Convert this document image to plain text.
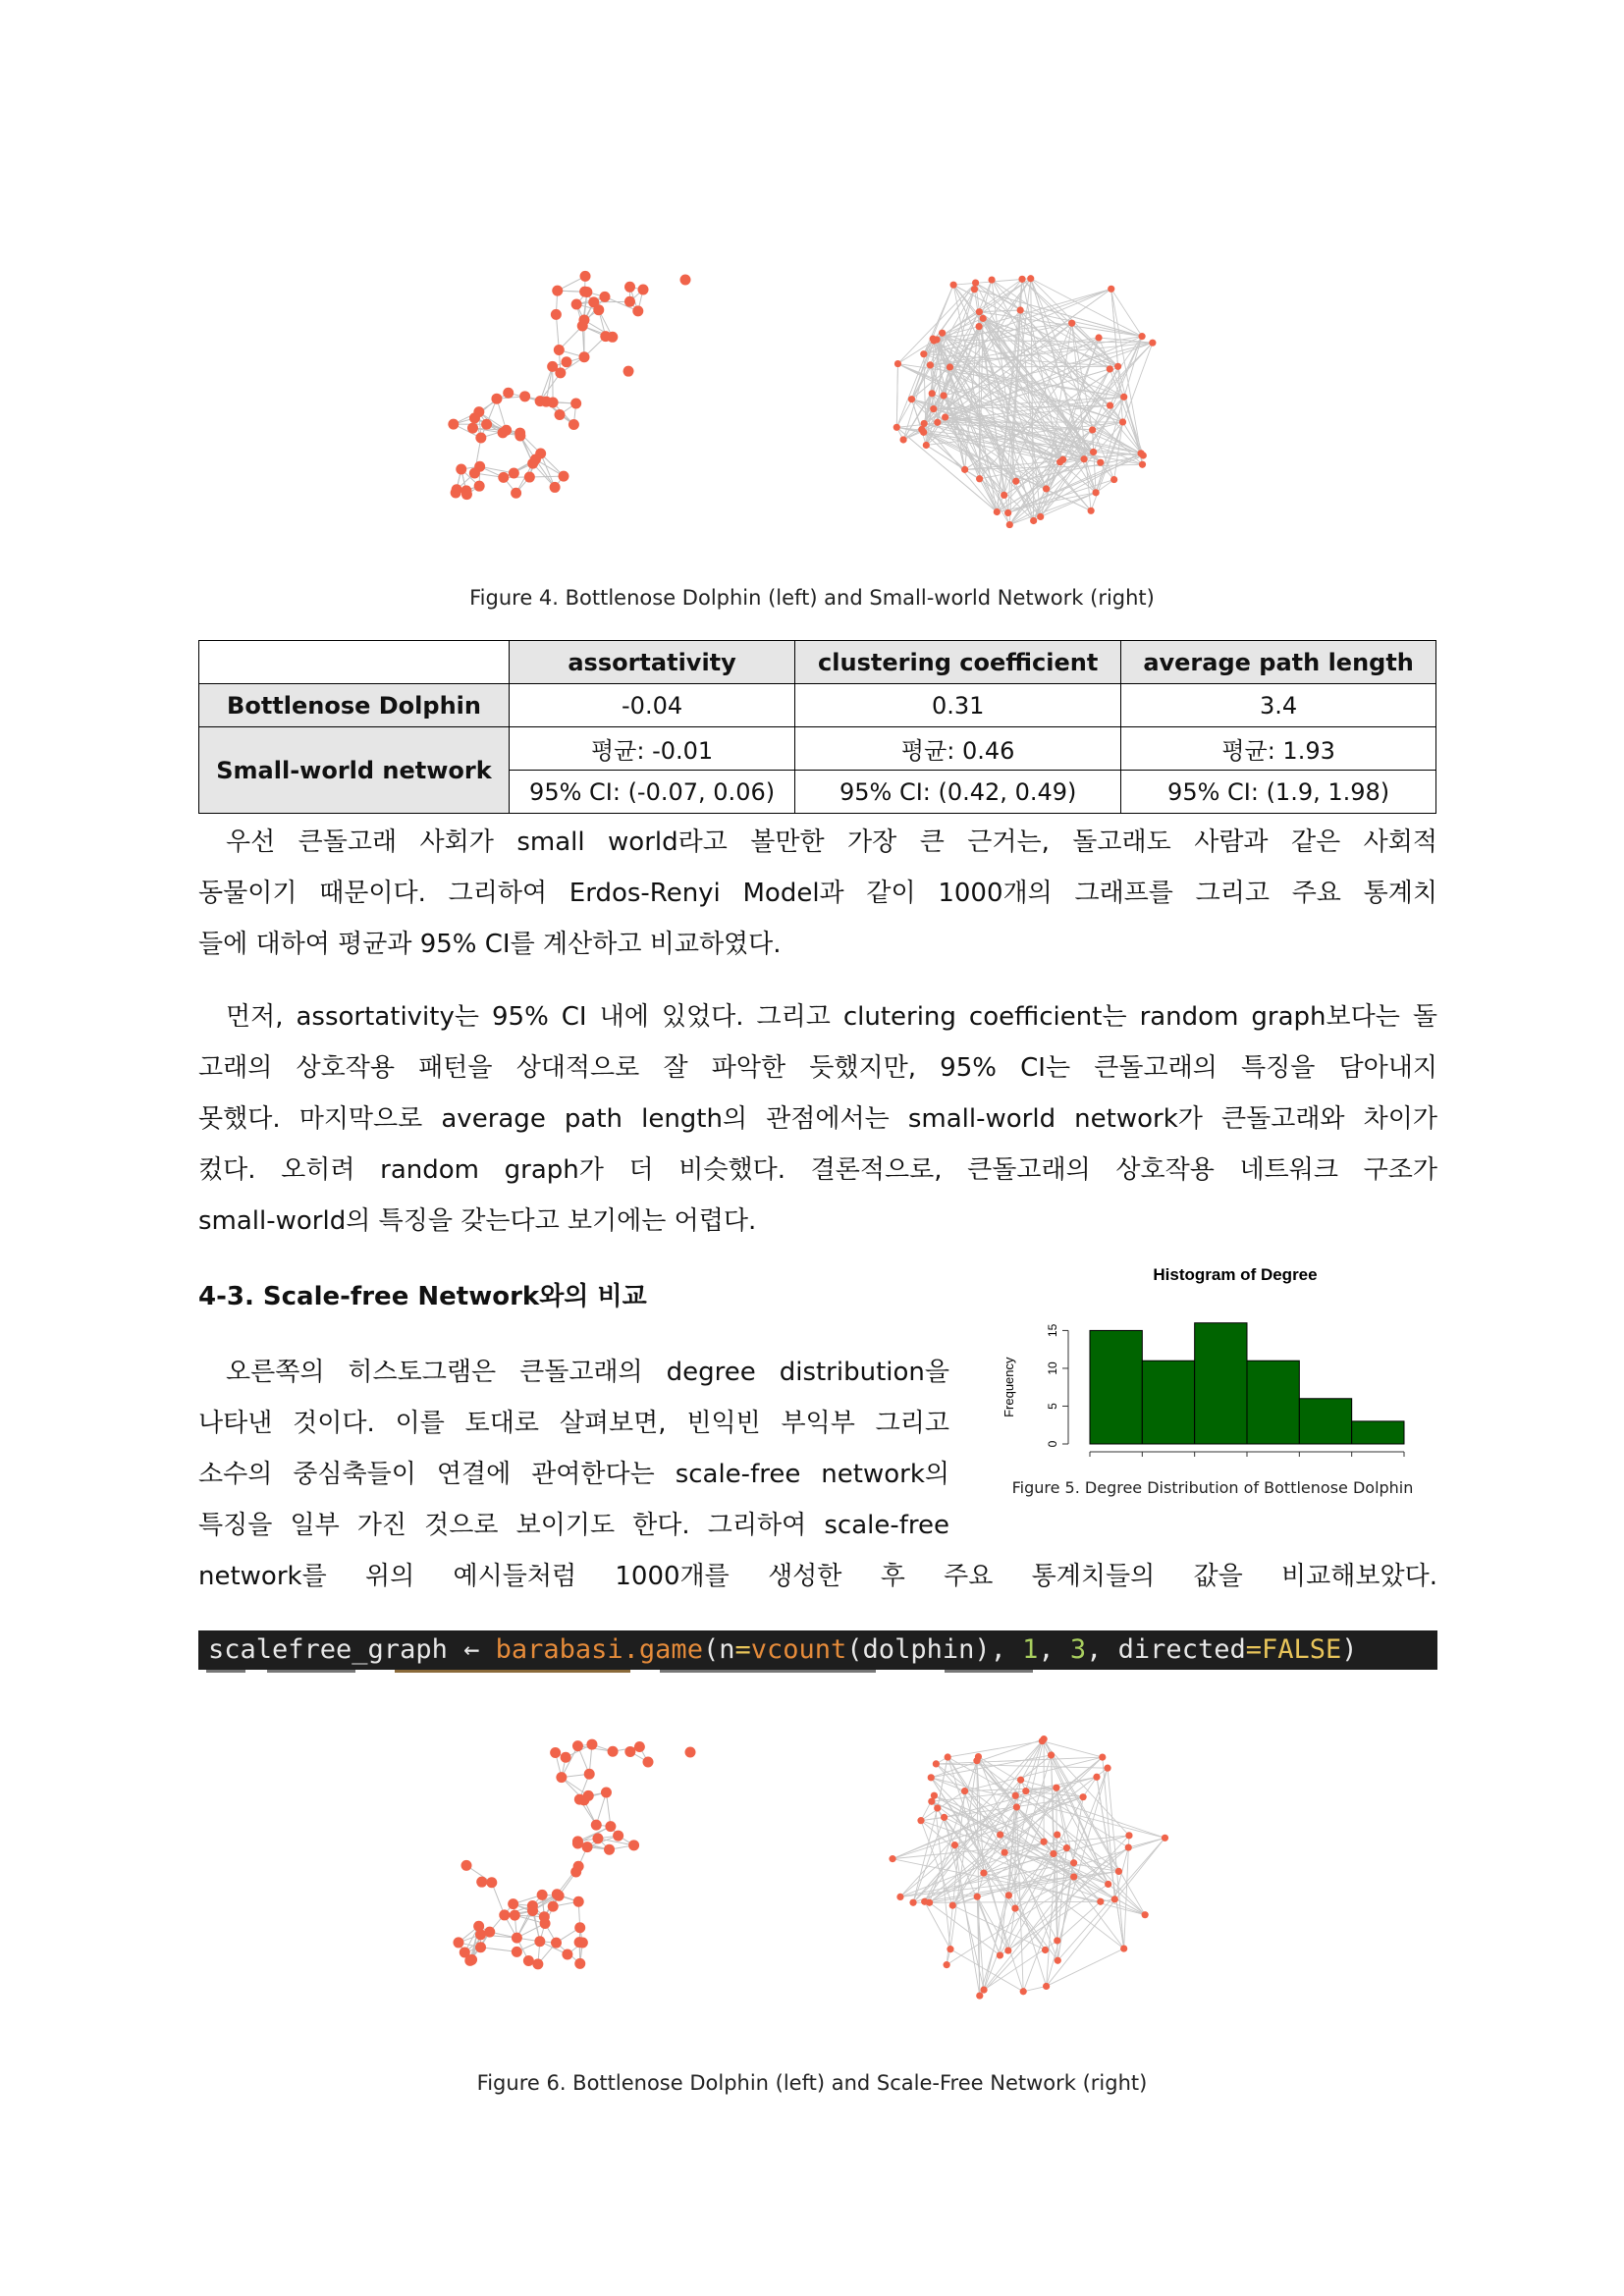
Figure 4. Bottlenose Dolphin (left) and Small-world Network (right)
	assortativity	clustering coefficient	average path length
Bottlenose Dolphin	-0.04	0.31	3.4
Small-world network	평균: -0.01	평균: 0.46	평균: 1.93
	95% CI: (-0.07, 0.06)	95% CI: (0.42, 0.49)	95% CI: (1.9, 1.98)
우선 큰돌고래 사회가 small world라고 볼만한 가장 큰 근거는, 돌고래도 사람과 같은 사회적
동물이기 때문이다. 그리하여 Erdos-Renyi Model과 같이 1000개의 그래프를 그리고 주요 통계치
들에 대하여 평균과 95% CI를 계산하고 비교하였다.
먼저, assortativity는 95% CI 내에 있었다. 그리고 clutering coefficient는 random graph보다는 돌
고래의 상호작용 패턴을 상대적으로 잘 파악한 듯했지만, 95% CI는 큰돌고래의 특징을 담아내지
못했다. 마지막으로 average path length의 관점에서는 small-world network가 큰돌고래와 차이가
컸다. 오히려 random graph가 더 비슷했다. 결론적으로, 큰돌고래의 상호작용 네트워크 구조가
small-world의 특징을 갖는다고 보기에는 어렵다.
4-3. Scale-free Network와의 비교
오른쪽의 히스토그램은 큰돌고래의 degree distribution을
나타낸 것이다. 이를 토대로 살펴보면, 빈익빈 부익부 그리고
소수의 중심축들이 연결에 관여한다는 scale-free network의
특징을 일부 가진 것으로 보이기도 한다. 그리하여 scale-free
network를 위의 예시들처럼 1000개를 생성한 후 주요 통계치들의 값을 비교해보았다.
Histogram of Degree
Frequency
0
5
10
15
Figure 5. Degree Distribution of Bottlenose Dolphin
scalefree_graph ← barabasi.game(n=vcount(dolphin), 1, 3, directed=FALSE)
Figure 6. Bottlenose Dolphin (left) and Scale-Free Network (right)
